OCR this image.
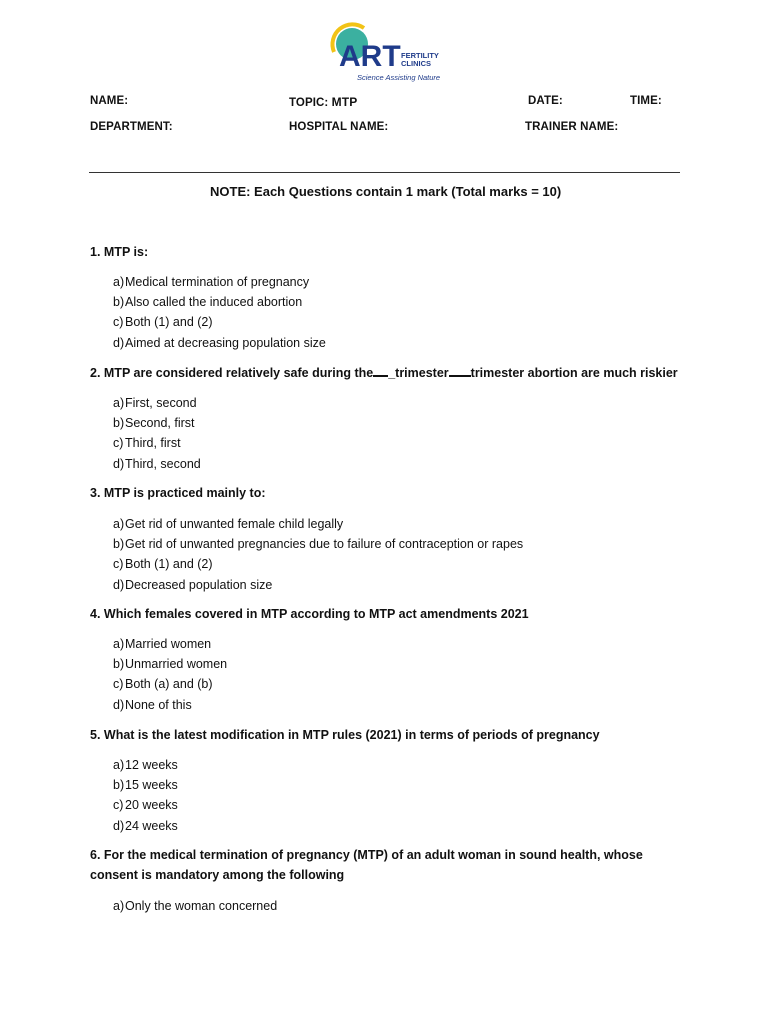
ART FERTILITY
CLINICS
Science Assisting Nature
NAME:	TOPIC: MTP	DATE:	TIME:
DEPARTMENT:	HOSPITAL NAME:	TRAINER NAME:
NOTE: Each Questions contain 1 mark (Total marks = 10)
1. MTP is:
a) Medical termination of pregnancy
b) Also called the induced abortion
c) Both (1) and (2)
d) Aimed at decreasing population size
2. MTP are considered relatively safe during the _trimester trimester abortion are much riskier
a) First, second
b) Second, first
c) Third, first
d) Third, second
3. MTP is practiced mainly to:
a) Get rid of unwanted female child legally
b) Get rid of unwanted pregnancies due to failure of contraception or rapes
c) Both (1) and (2)
d) Decreased population size
4. Which females covered in MTP according to MTP act amendments 2021
a) Married women
b) Unmarried women
c) Both (a) and (b)
d) None of this
5. What is the latest modification in MTP rules (2021) in terms of periods of pregnancy
a) 12 weeks
b) 15 weeks
c) 20 weeks
d) 24 weeks
6. For the medical termination of pregnancy (MTP) of an adult woman in sound health, whose
consent is mandatory among the following
a) Only the woman concerned
